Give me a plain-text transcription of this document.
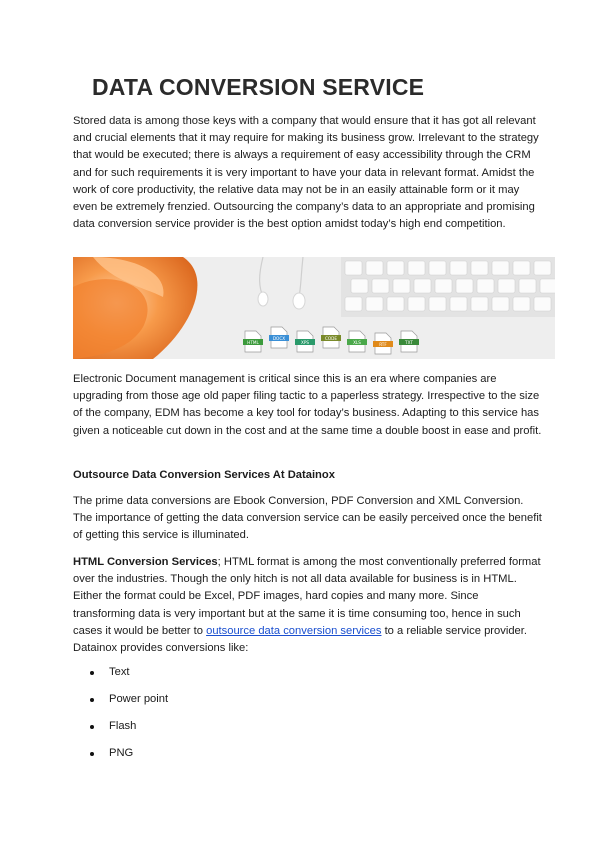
DATA CONVERSION SERVICE

Stored data is among those keys with a company that would ensure that it has got all relevant and crucial elements that it may require for making its business grow. Irrelevant to the strategy that would be executed; there is always a requirement of easy accessibility through the CRM and for such requirements it is very important to have your data in relevant format. Amidst the work of core productivity, the relative data may not be in an easily attainable form or it may even be extremely frenzied. Outsourcing the company’s data to an appropriate and promising data conversion service provider is the best option amidst today’s high end competition.

HTML
DOCX
XPS
CODE
XLS	RTF	TXT

Electronic Document management is critical since this is an era where companies are upgrading from those age old paper filing tactic to a paperless strategy. Irrespective to the size of the company, EDM has become a key tool for today’s business. Adapting to this service has given a noticeable cut down in the cost and at the same time a double boost in ease and profit.

Outsource Data Conversion Services At Datainox

The prime data conversions are Ebook Conversion, PDF Conversion and XML Conversion. The importance of getting the data conversion service can be easily perceived once the benefit of getting this service is illuminated.

HTML Conversion Services; HTML format is among the most conventionally preferred format over the industries. Though the only hitch is not all data available for business is in HTML. Either the format could be Excel, PDF images, hard copies and many more. Since transforming data is very important but at the same it is time consuming too, hence in such cases it would be better to outsource data conversion services to a reliable service provider. Datainox provides conversions like:

Text
Power point
Flash
PNG
